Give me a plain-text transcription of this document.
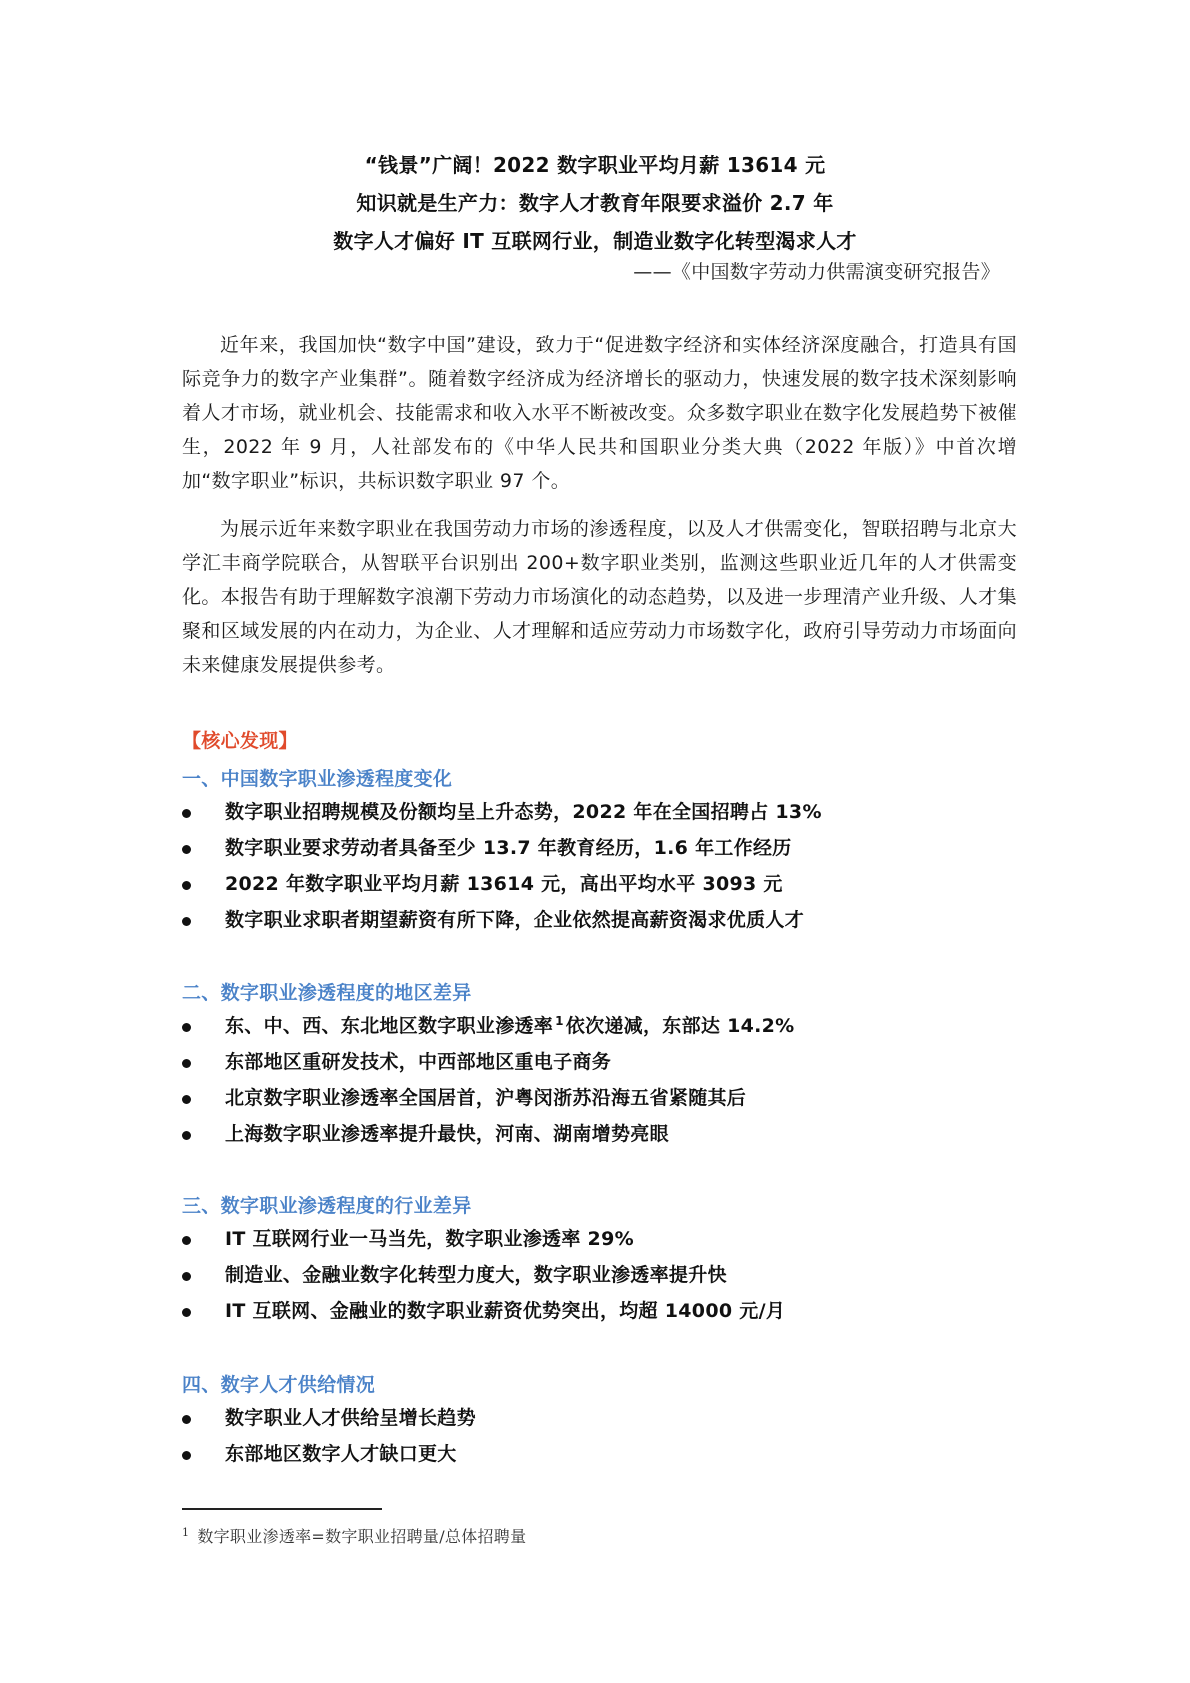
“钱景”广阔！2022 数字职业平均月薪 13614 元
知识就是生产力：数字人才教育年限要求溢价 2.7 年
数字人才偏好 IT 互联网行业，制造业数字化转型渴求人才
——《中国数字劳动力供需演变研究报告》

近年来，我国加快“数字中国”建设，致力于“促进数字经济和实体经济深度融合，打造具有国际竞争力的数字产业集群”。随着数字经济成为经济增长的驱动力，快速发展的数字技术深刻影响着人才市场，就业机会、技能需求和收入水平不断被改变。众多数字职业在数字化发展趋势下被催生，2022 年 9 月，人社部发布的《中华人民共和国职业分类大典（2022 年版）》中首次增加“数字职业”标识，共标识数字职业 97 个。

为展示近年来数字职业在我国劳动力市场的渗透程度，以及人才供需变化，智联招聘与北京大学汇丰商学院联合，从智联平台识别出 200+数字职业类别，监测这些职业近几年的人才供需变化。本报告有助于理解数字浪潮下劳动力市场演化的动态趋势，以及进一步理清产业升级、人才集聚和区域发展的内在动力，为企业、人才理解和适应劳动力市场数字化，政府引导劳动力市场面向未来健康发展提供参考。

【核心发现】
一、中国数字职业渗透程度变化
数字职业招聘规模及份额均呈上升态势，2022 年在全国招聘占 13%
数字职业要求劳动者具备至少 13.7 年教育经历，1.6 年工作经历
2022 年数字职业平均月薪 13614 元，高出平均水平 3093 元
数字职业求职者期望薪资有所下降，企业依然提高薪资渴求优质人才
二、数字职业渗透程度的地区差异
东、中、西、东北地区数字职业渗透率 $^1$ 依次递减，东部达 14.2%
东部地区重研发技术，中西部地区重电子商务
北京数字职业渗透率全国居首，沪粤闵浙苏沿海五省紧随其后
上海数字职业渗透率提升最快，河南、湖南增势亮眼
三、数字职业渗透程度的行业差异
IT 互联网行业一马当先，数字职业渗透率 29%
制造业、金融业数字化转型力度大，数字职业渗透率提升快
IT 互联网、金融业的数字职业薪资优势突出，均超 14000 元/月
四、数字人才供给情况
数字职业人才供给呈增长趋势
东部地区数字人才缺口更大
$^1$ 数字职业渗透率=数字职业招聘量/总体招聘量
